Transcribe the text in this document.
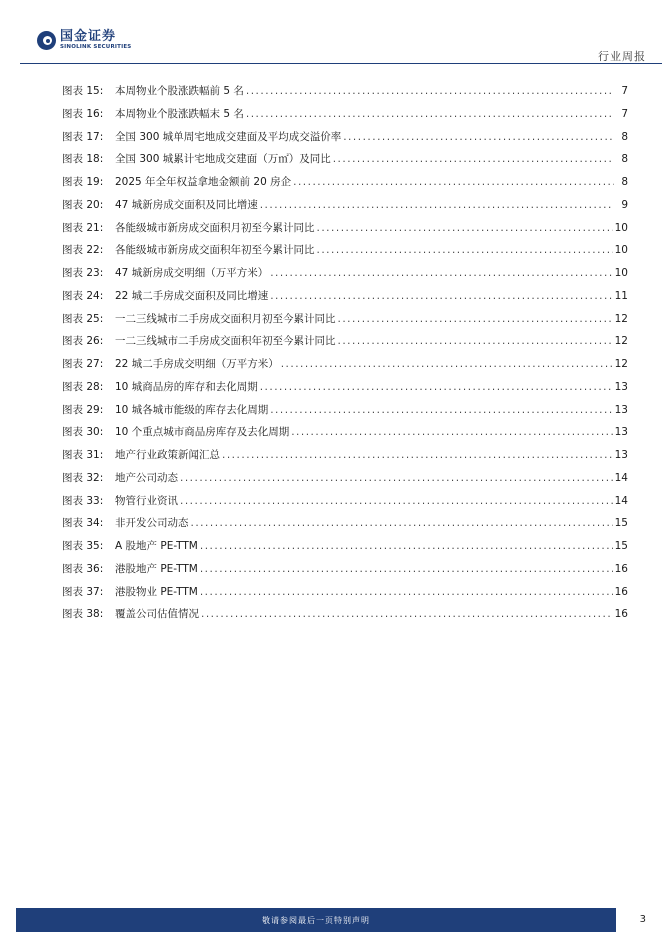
国金证券
SINOLINK SECURITIES
行业周报
图表 15:	本周物业个股涨跌幅前 5 名 .....	7
图表 16:	本周物业个股涨跌幅末 5 名 .....	7
图表 17:	全国 300 城单周宅地成交建面及平均成交溢价率 .....	8
图表 18:	全国 300 城累计宅地成交建面（万㎡）及同比 .....	8
图表 19:	2025 年全年权益拿地金额前 20 房企 .....	8
图表 20:	47 城新房成交面积及同比增速 .....	9
图表 21:	各能级城市新房成交面积月初至今累计同比 .....	10
图表 22:	各能级城市新房成交面积年初至今累计同比 .....	10
图表 23:	47 城新房成交明细（万平方米） .....	10
图表 24:	22 城二手房成交面积及同比增速 .....	11
图表 25:	一二三线城市二手房成交面积月初至今累计同比 .....	12
图表 26:	一二三线城市二手房成交面积年初至今累计同比 .....	12
图表 27:	22 城二手房成交明细（万平方米） .....	12
图表 28:	10 城商品房的库存和去化周期 .....	13
图表 29:	10 城各城市能级的库存去化周期 .....	13
图表 30:	10 个重点城市商品房库存及去化周期 .....	13
图表 31:	地产行业政策新闻汇总 .....	13
图表 32:	地产公司动态 .....	14
图表 33:	物管行业资讯 .....	14
图表 34:	非开发公司动态 .....	15
图表 35:	A 股地产 PE-TTM .....	15
图表 36:	港股地产 PE-TTM .....	16
图表 37:	港股物业 PE-TTM .....	16
图表 38:	覆盖公司估值情况 .....	16
敬请参阅最后一页特别声明	3
